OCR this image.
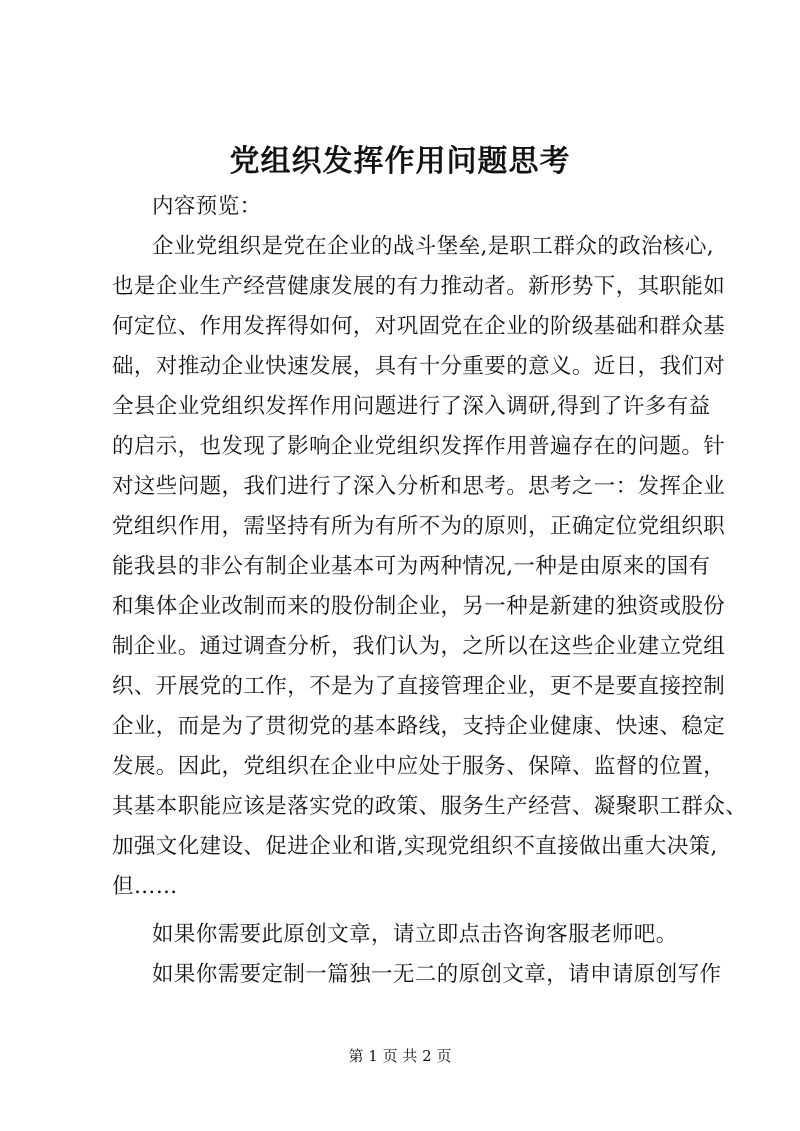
党组织发挥作用问题思考
内容预览：
企业党组织是党在企业的战斗堡垒,是职工群众的政治核心,
也是企业生产经营健康发展的有力推动者。新形势下，其职能如
何定位、作用发挥得如何，对巩固党在企业的阶级基础和群众基
础，对推动企业快速发展，具有十分重要的意义。近日，我们对
全县企业党组织发挥作用问题进行了深入调研,得到了许多有益
的启示，也发现了影响企业党组织发挥作用普遍存在的问题。针
对这些问题，我们进行了深入分析和思考。思考之一：发挥企业
党组织作用，需坚持有所为有所不为的原则，正确定位党组织职
能我县的非公有制企业基本可为两种情况,一种是由原来的国有
和集体企业改制而来的股份制企业，另一种是新建的独资或股份
制企业。通过调查分析，我们认为，之所以在这些企业建立党组
织、开展党的工作，不是为了直接管理企业，更不是要直接控制
企业，而是为了贯彻党的基本路线，支持企业健康、快速、稳定
发展。因此，党组织在企业中应处于服务、保障、监督的位置，
其基本职能应该是落实党的政策、服务生产经营、凝聚职工群众、
加强文化建设、促进企业和谐,实现党组织不直接做出重大决策,
但……
如果你需要此原创文章，请立即点击咨询客服老师吧。
如果你需要定制一篇独一无二的原创文章，请申请原创写作
第 1 页 共 2 页
